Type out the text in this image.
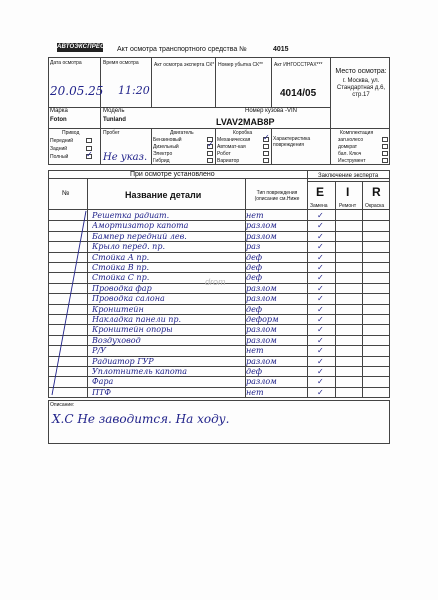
АВТОЭКСПРЕСС Акт осмотра транспортного средства №	4015
Дата осмотра
20.05.25
Время осмотра
11:20
Акт осмотра эксперта СК* Номер убытка СК** Акт ИНГОССТРАХ***
4014/05
Место осмотра:
г. Москва, ул. Стандартная д.6, стр.17
Марка
Foton
Модель
Tunland
Номер кузова -VIN
LVAV2MAB8P
Привод
Передний
Задний
Полный ✓
Пробег
Не указ.
Двигатель
Бензиновый
Дизельный
Электро
Гибрид
✓
Коробка
Механическая
Автомат-кая
Робот
Вариатор
✓ Характеристика повреждения
Комплектация
зап.колесо
домкрат
бал. Ключ
Инструмент
При осмотре установлено	Заключение эксперта
№	Название детали	Тип повреждения (описание см.Ниже	E I R
Замена Ремонт Окраска
Решетка радиат.	нет	✓
Амортизатор капота	разлом	✓
Бампер передний лев.	разлом	✓
Крыло перед. пр.	раз	✓
Стойка А пр.	деф	✓
Стойка В пр.	деф	✓
Стойка С пр.	деф	✓
Проводка фар	разлом	✓
Проводка салона	разлом	✓
Кронштейн	деф	✓
Накладка панели пр.	деформ	✓
Кронштейн опоры	разлом	✓
Воздуховод	разлом	✓
Р/У	нет	✓
Радиатор ГУР	разлом	✓
Уплотнитель капота	деф	✓
Фара	разлом	✓
ПТФ	нет	✓
Описание:
Х.С Не заводится. На ходу.
drom
